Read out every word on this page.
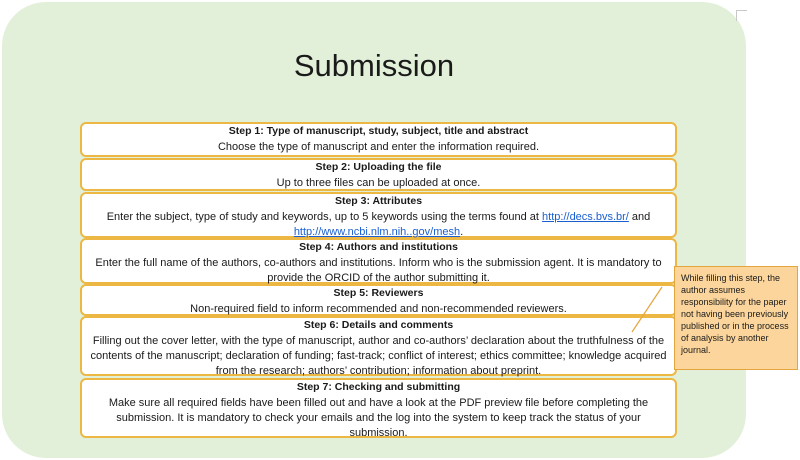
Submission
Step 1: Type of manuscript, study, subject, title and abstract
Choose the type of manuscript and enter the information required.
Step 2: Uploading the file
Up to three files can be uploaded at once.
Step 3: Attributes
Enter the subject, type of study and keywords, up to 5 keywords using the terms found at http://decs.bvs.br/ and http://www.ncbi.nlm.nih..gov/mesh.
Step 4: Authors and institutions
Enter the full name of the authors, co-authors and institutions. Inform who is the submission agent. It is mandatory to provide the ORCID of the author submitting it.
Step 5: Reviewers
Non-required field to inform recommended and non-recommended reviewers.
Step 6: Details and comments
Filling out the cover letter, with the type of manuscript, author and co-authors’ declaration about the truthfulness of the contents of the manuscript; declaration of funding; fast-track; conflict of interest; ethics committee; knowledge acquired from the research; authors’ contribution; information about preprint.
Step 7: Checking and submitting
Make sure all required fields have been filled out and have a look at the PDF preview file before completing the submission. It is mandatory to check your emails and the log into the system to keep track the status of your submission.
While filling this step, the author assumes responsibility for the paper not having been previously published or in the process of analysis by another journal.
